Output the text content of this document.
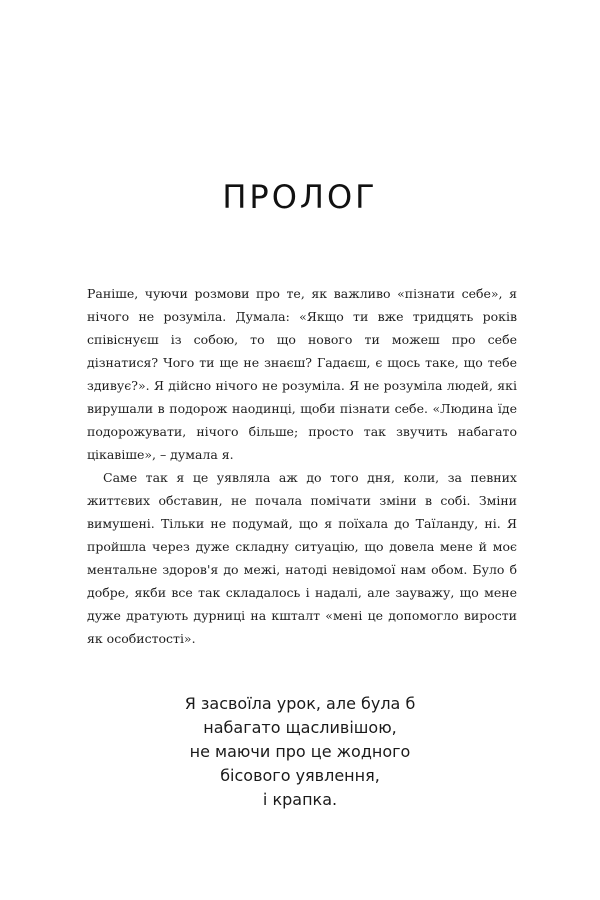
ПРОЛОГ

Раніше, чуючи розмови про те, як важливо «пізнати себе», я нічого не розуміла. Думала: «Якщо ти вже тридцять років співіснуєш із собою, то що нового ти можеш про себе дізнатися? Чого ти ще не знаєш? Гадаєш, є щось таке, що тебе здивує?». Я дійсно нічого не розуміла. Я не розуміла людей, які вирушали в подорож наодинці, щоби пізнати себе. «Людина їде подорожувати, нічого більше; просто так звучить набагато цікавіше», – думала я.

Саме так я це уявляла аж до того дня, коли, за певних життєвих обставин, не почала помічати зміни в собі. Зміни вимушені. Тільки не подумай, що я поїхала до Таїланду, ні. Я пройшла через дуже складну ситуацію, що довела мене й моє ментальне здоров'я до межі, натоді невідомої нам обом. Було б добре, якби все так складалось і надалі, але зауважу, що мене дуже дратують дурниці на кшталт «мені це допомогло вирости як особистості».

Я засвоїла урок, але була б
набагато щасливішою,
не маючи про це жодного
бісового уявлення,
і крапка.
